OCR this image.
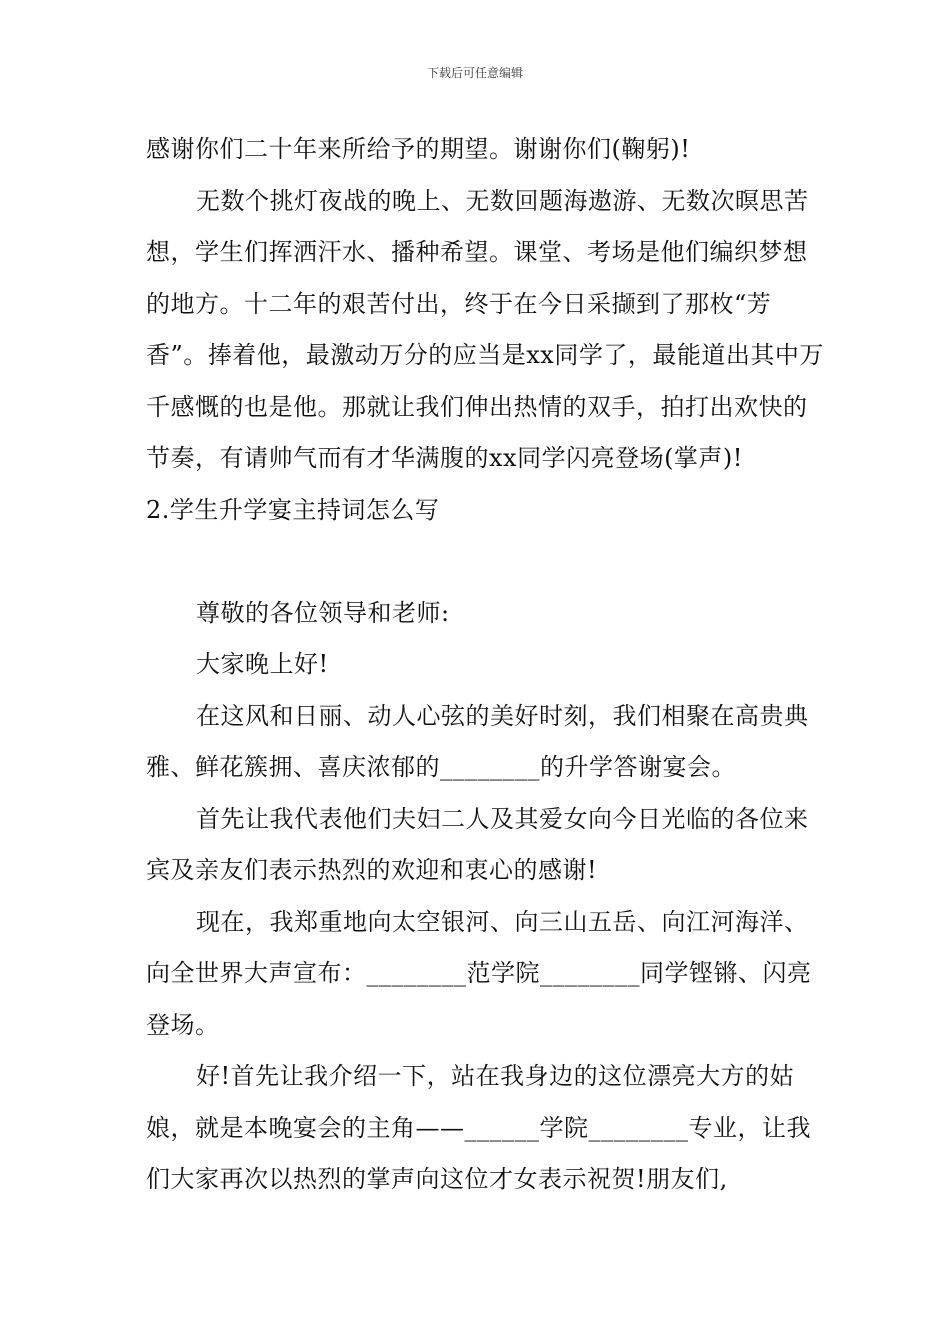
下载后可任意编辑

感谢你们二十年来所给予的期望。谢谢你们(鞠躬)!

无数个挑灯夜战的晚上、无数回题海遨游、无数次暝思苦想，学生们挥洒汗水、播种希望。课堂、考场是他们编织梦想的地方。十二年的艰苦付出，终于在今日采撷到了那枚“芳香”。捧着他，最激动万分的应当是xx同学了，最能道出其中万千感慨的也是他。那就让我们伸出热情的双手，拍打出欢快的节奏，有请帅气而有才华满腹的xx同学闪亮登场(掌声)!

2.学生升学宴主持词怎么写

尊敬的各位领导和老师:

大家晚上好!

在这风和日丽、动人心弦的美好时刻，我们相聚在高贵典雅、鲜花簇拥、喜庆浓郁的________的升学答谢宴会。

首先让我代表他们夫妇二人及其爱女向今日光临的各位来宾及亲友们表示热烈的欢迎和衷心的感谢!

现在，我郑重地向太空银河、向三山五岳、向江河海洋、向全世界大声宣布：________范学院________同学铿锵、闪亮登场。

好!首先让我介绍一下，站在我身边的这位漂亮大方的姑娘，就是本晚宴会的主角——______学院________专业，让我们大家再次以热烈的掌声向这位才女表示祝贺!朋友们,
